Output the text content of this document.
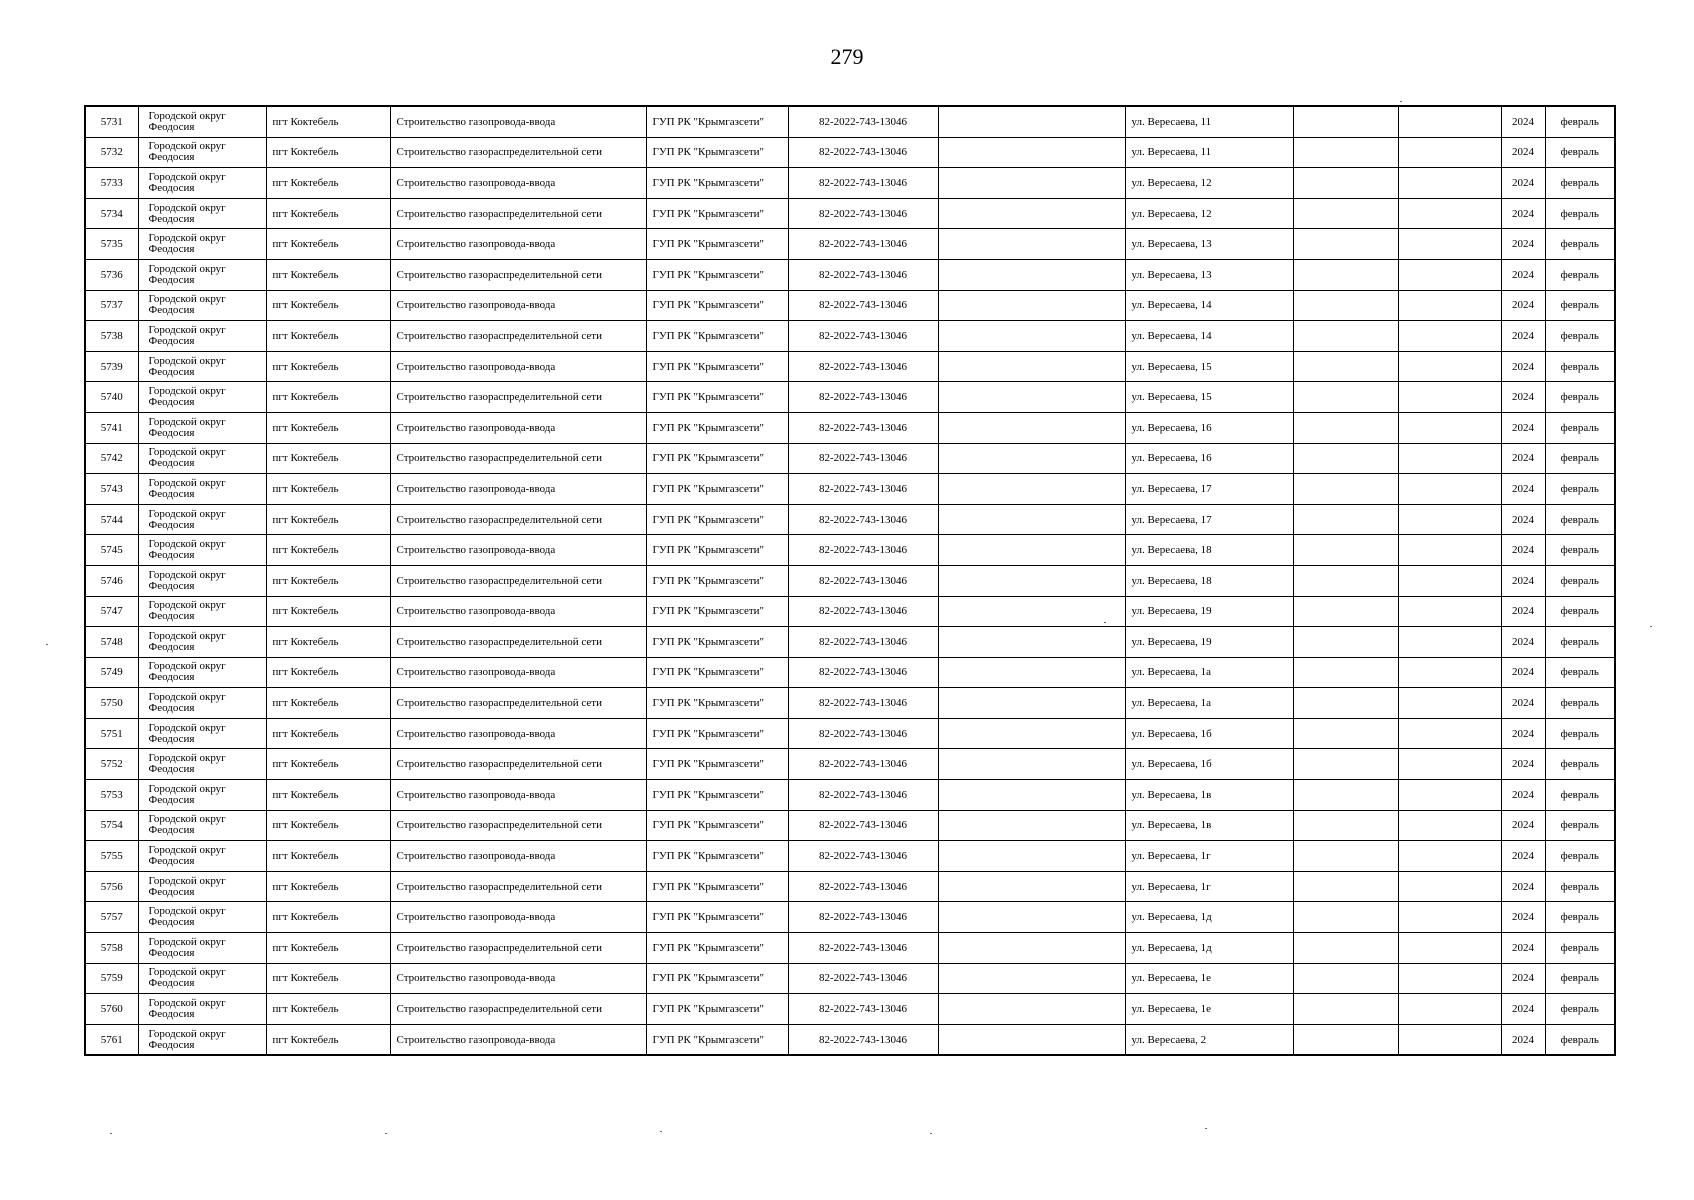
279
5731	Городской округ Феодосия	пгт Коктебель	Строительство газопровода-ввода	ГУП РК "Крымгазсети"	82-2022-743-13046		ул. Вересаева, 11			2024	февраль
5732	Городской округ Феодосия	пгт Коктебель	Строительство газораспределительной сети	ГУП РК "Крымгазсети"	82-2022-743-13046		ул. Вересаева, 11			2024	февраль
5733	Городской округ Феодосия	пгт Коктебель	Строительство газопровода-ввода	ГУП РК "Крымгазсети"	82-2022-743-13046		ул. Вересаева, 12			2024	февраль
5734	Городской округ Феодосия	пгт Коктебель	Строительство газораспределительной сети	ГУП РК "Крымгазсети"	82-2022-743-13046		ул. Вересаева, 12			2024	февраль
5735	Городской округ Феодосия	пгт Коктебель	Строительство газопровода-ввода	ГУП РК "Крымгазсети"	82-2022-743-13046		ул. Вересаева, 13			2024	февраль
5736	Городской округ Феодосия	пгт Коктебель	Строительство газораспределительной сети	ГУП РК "Крымгазсети"	82-2022-743-13046		ул. Вересаева, 13			2024	февраль
5737	Городской округ Феодосия	пгт Коктебель	Строительство газопровода-ввода	ГУП РК "Крымгазсети"	82-2022-743-13046		ул. Вересаева, 14			2024	февраль
5738	Городской округ Феодосия	пгт Коктебель	Строительство газораспределительной сети	ГУП РК "Крымгазсети"	82-2022-743-13046		ул. Вересаева, 14			2024	февраль
5739	Городской округ Феодосия	пгт Коктебель	Строительство газопровода-ввода	ГУП РК "Крымгазсети"	82-2022-743-13046		ул. Вересаева, 15			2024	февраль
5740	Городской округ Феодосия	пгт Коктебель	Строительство газораспределительной сети	ГУП РК "Крымгазсети"	82-2022-743-13046		ул. Вересаева, 15			2024	февраль
5741	Городской округ Феодосия	пгт Коктебель	Строительство газопровода-ввода	ГУП РК "Крымгазсети"	82-2022-743-13046		ул. Вересаева, 16			2024	февраль
5742	Городской округ Феодосия	пгт Коктебель	Строительство газораспределительной сети	ГУП РК "Крымгазсети"	82-2022-743-13046		ул. Вересаева, 16			2024	февраль
5743	Городской округ Феодосия	пгт Коктебель	Строительство газопровода-ввода	ГУП РК "Крымгазсети"	82-2022-743-13046		ул. Вересаева, 17			2024	февраль
5744	Городской округ Феодосия	пгт Коктебель	Строительство газораспределительной сети	ГУП РК "Крымгазсети"	82-2022-743-13046		ул. Вересаева, 17			2024	февраль
5745	Городской округ Феодосия	пгт Коктебель	Строительство газопровода-ввода	ГУП РК "Крымгазсети"	82-2022-743-13046		ул. Вересаева, 18			2024	февраль
5746	Городской округ Феодосия	пгт Коктебель	Строительство газораспределительной сети	ГУП РК "Крымгазсети"	82-2022-743-13046		ул. Вересаева, 18			2024	февраль
5747	Городской округ Феодосия	пгт Коктебель	Строительство газопровода-ввода	ГУП РК "Крымгазсети"	82-2022-743-13046		ул. Вересаева, 19			2024	февраль
5748	Городской округ Феодосия	пгт Коктебель	Строительство газораспределительной сети	ГУП РК "Крымгазсети"	82-2022-743-13046		ул. Вересаева, 19			2024	февраль
5749	Городской округ Феодосия	пгт Коктебель	Строительство газопровода-ввода	ГУП РК "Крымгазсети"	82-2022-743-13046		ул. Вересаева, 1а			2024	февраль
5750	Городской округ Феодосия	пгт Коктебель	Строительство газораспределительной сети	ГУП РК "Крымгазсети"	82-2022-743-13046		ул. Вересаева, 1а			2024	февраль
5751	Городской округ Феодосия	пгт Коктебель	Строительство газопровода-ввода	ГУП РК "Крымгазсети"	82-2022-743-13046		ул. Вересаева, 1б			2024	февраль
5752	Городской округ Феодосия	пгт Коктебель	Строительство газораспределительной сети	ГУП РК "Крымгазсети"	82-2022-743-13046		ул. Вересаева, 1б			2024	февраль
5753	Городской округ Феодосия	пгт Коктебель	Строительство газопровода-ввода	ГУП РК "Крымгазсети"	82-2022-743-13046		ул. Вересаева, 1в			2024	февраль
5754	Городской округ Феодосия	пгт Коктебель	Строительство газораспределительной сети	ГУП РК "Крымгазсети"	82-2022-743-13046		ул. Вересаева, 1в			2024	февраль
5755	Городской округ Феодосия	пгт Коктебель	Строительство газопровода-ввода	ГУП РК "Крымгазсети"	82-2022-743-13046		ул. Вересаева, 1г			2024	февраль
5756	Городской округ Феодосия	пгт Коктебель	Строительство газораспределительной сети	ГУП РК "Крымгазсети"	82-2022-743-13046		ул. Вересаева, 1г			2024	февраль
5757	Городской округ Феодосия	пгт Коктебель	Строительство газопровода-ввода	ГУП РК "Крымгазсети"	82-2022-743-13046		ул. Вересаева, 1д			2024	февраль
5758	Городской округ Феодосия	пгт Коктебель	Строительство газораспределительной сети	ГУП РК "Крымгазсети"	82-2022-743-13046		ул. Вересаева, 1д			2024	февраль
5759	Городской округ Феодосия	пгт Коктебель	Строительство газопровода-ввода	ГУП РК "Крымгазсети"	82-2022-743-13046		ул. Вересаева, 1е			2024	февраль
5760	Городской округ Феодосия	пгт Коктебель	Строительство газораспределительной сети	ГУП РК "Крымгазсети"	82-2022-743-13046		ул. Вересаева, 1е			2024	февраль
5761	Городской округ Феодосия	пгт Коктебель	Строительство газопровода-ввода	ГУП РК "Крымгазсети"	82-2022-743-13046		ул. Вересаева, 2			2024	февраль
